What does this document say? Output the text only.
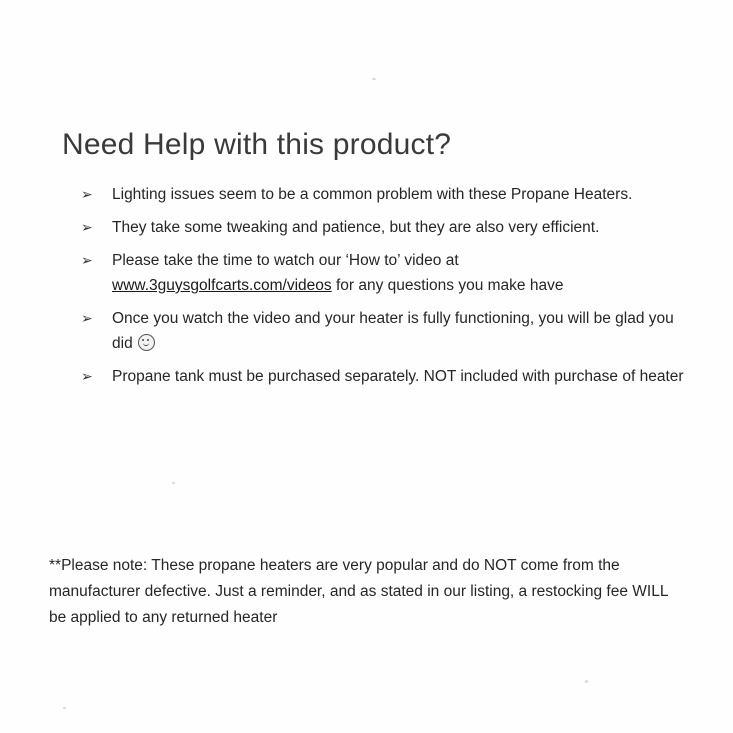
Need Help with this product?
➢ Lighting issues seem to be a common problem with these Propane Heaters.
➢ They take some tweaking and patience, but they are also very efficient.
➢ Please take the time to watch our ‘How to’ video at
www.3guysgolfcarts.com/videos for any questions you make have
➢ Once you watch the video and your heater is fully functioning, you will be glad you did
➢ Propane tank must be purchased separately. NOT included with purchase of heater

**Please note: These propane heaters are very popular and do NOT come from the manufacturer defective. Just a reminder, and as stated in our listing, a restocking fee WILL be applied to any returned heater
